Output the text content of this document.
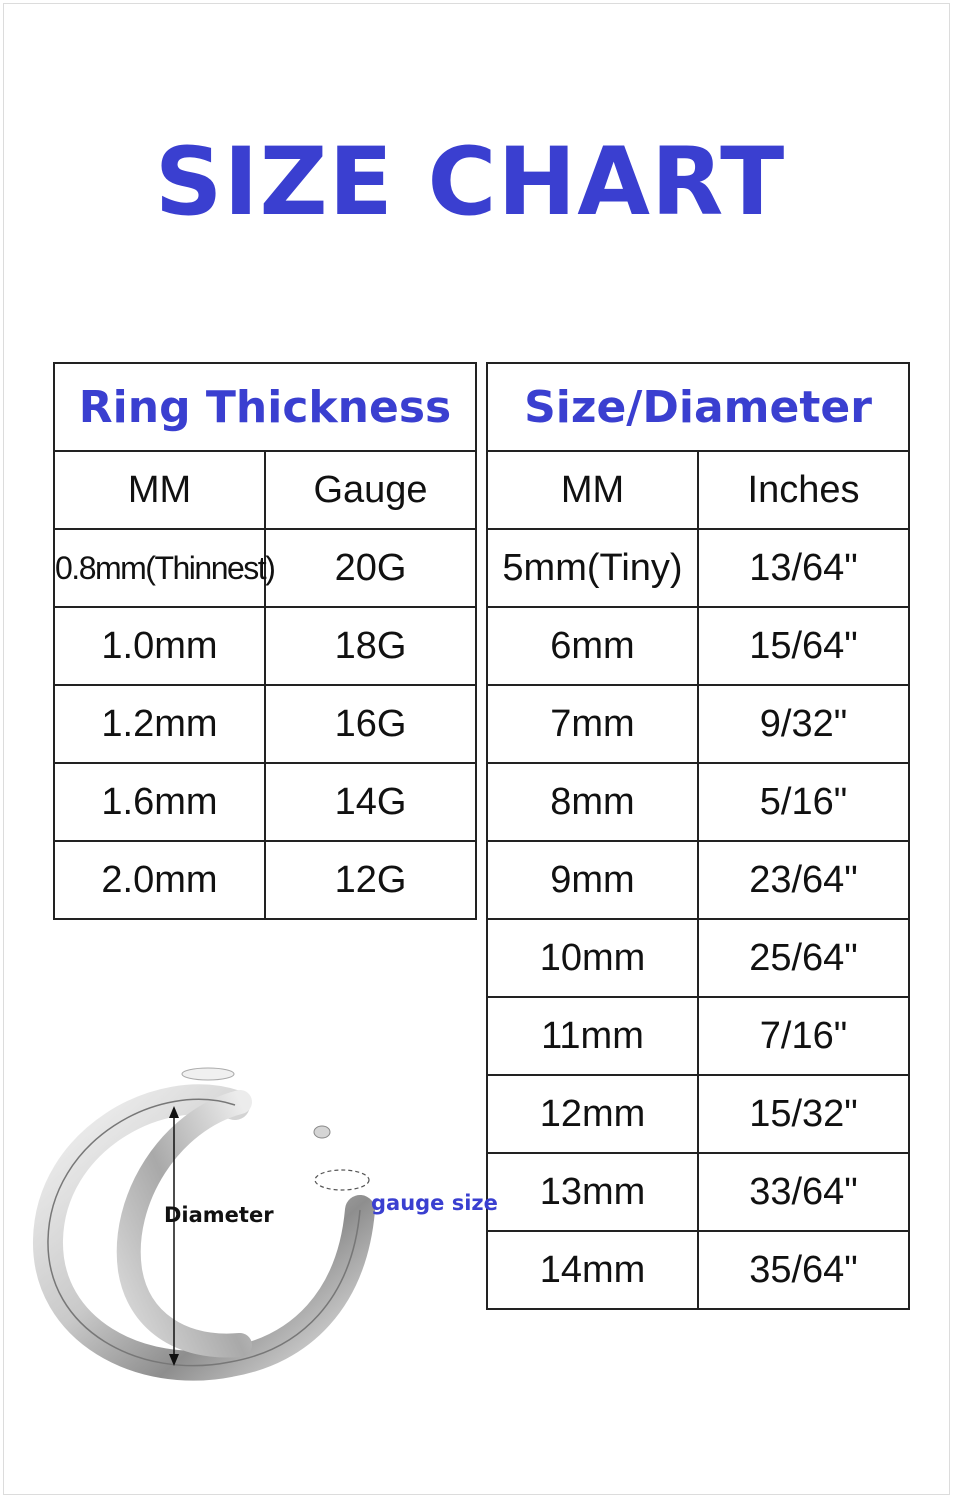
SIZE CHART
Ring Thickness	
MM	Gauge
0.8mm(Thinnest)	20G
1.0mm	18G
1.2mm	16G
1.6mm	14G
2.0mm	12G
Size/Diameter	
MM	Inches
5mm(Tiny)	13/64"
6mm	15/64"
7mm	9/32"
8mm	5/16"
9mm	23/64"
10mm	25/64"
11mm	7/16"
12mm	15/32"
13mm	33/64"
14mm	35/64"
Diameter	gauge size
